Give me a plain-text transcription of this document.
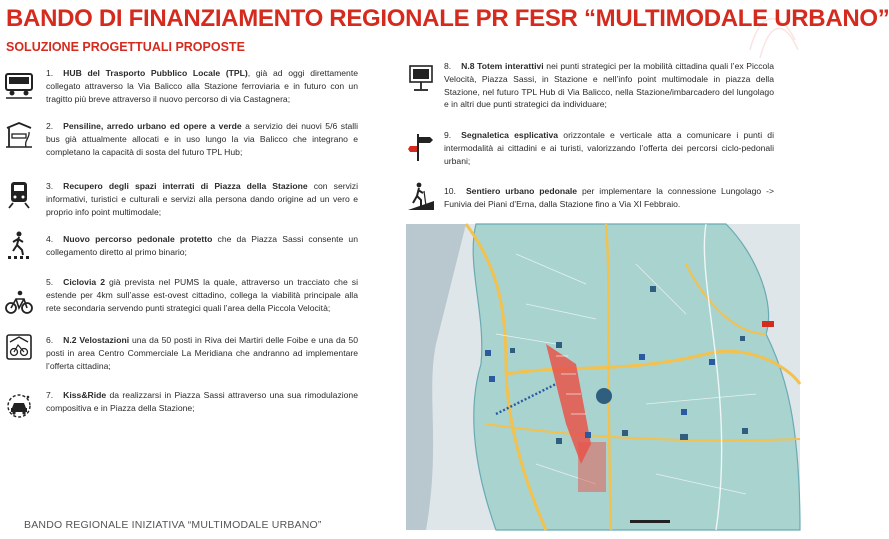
BANDO DI FINANZIAMENTO REGIONALE PR FESR “MULTIMODALE URBANO”
SOLUZIONE PROGETTUALI PROPOSTE
1. HUB del Trasporto Pubblico Locale (TPL), già ad oggi direttamente collegato attraverso la Via Balicco alla Stazione ferroviaria e in futuro con un tragitto più breve attraverso il nuovo percorso di via Castagnera;
2. Pensiline, arredo urbano ed opere a verde a servizio dei nuovi 5/6 stalli bus già attualmente allocati e in uso lungo la via Balicco che integrano e completano la capacità di sosta del futuro TPL Hub;
3. Recupero degli spazi interrati di Piazza della Stazione con servizi informativi, turistici e culturali e servizi alla persona dando origine ad un vero e proprio info point multimodale;
4. Nuovo percorso pedonale protetto che da Piazza Sassi consente un collegamento diretto al primo binario;
5. Ciclovia 2 già prevista nel PUMS la quale, attraverso un tracciato che si estende per 4km sull’asse est-ovest cittadino, collega la viabilità principale alla rete secondaria servendo punti strategici quali l’area della Piccola Velocità;
6. N.2 Velostazioni una da 50 posti in Riva dei Martiri delle Foibe e una da 50 posti in area Centro Commerciale La Meridiana che andranno ad implementare l’offerta cittadina;
7. Kiss&Ride da realizzarsi in Piazza Sassi attraverso una sua rimodulazione compositiva e in Piazza della Stazione;
8. N.8 Totem interattivi nei punti strategici per la mobilità cittadina quali l’ex Piccola Velocità, Piazza Sassi, in Stazione e nell’info point multimodale in piazza della Stazione, nel futuro TPL Hub di Via Balicco, nella Stazione/imbarcadero del lungolago e in altri due punti strategici da individuare;
9. Segnaletica esplicativa orizzontale e verticale atta a comunicare i punti di intermodalità ai cittadini e ai turisti, valorizzando l’offerta dei percorsi ciclo-pedonali urbani;
10. Sentiero urbano pedonale per implementare la connessione Lungolago -> Funivia dei Piani d’Erna, dalla Stazione fino a Via XI Febbraio.

BANDO REGIONALE INIZIATIVA “MULTIMODALE URBANO”
